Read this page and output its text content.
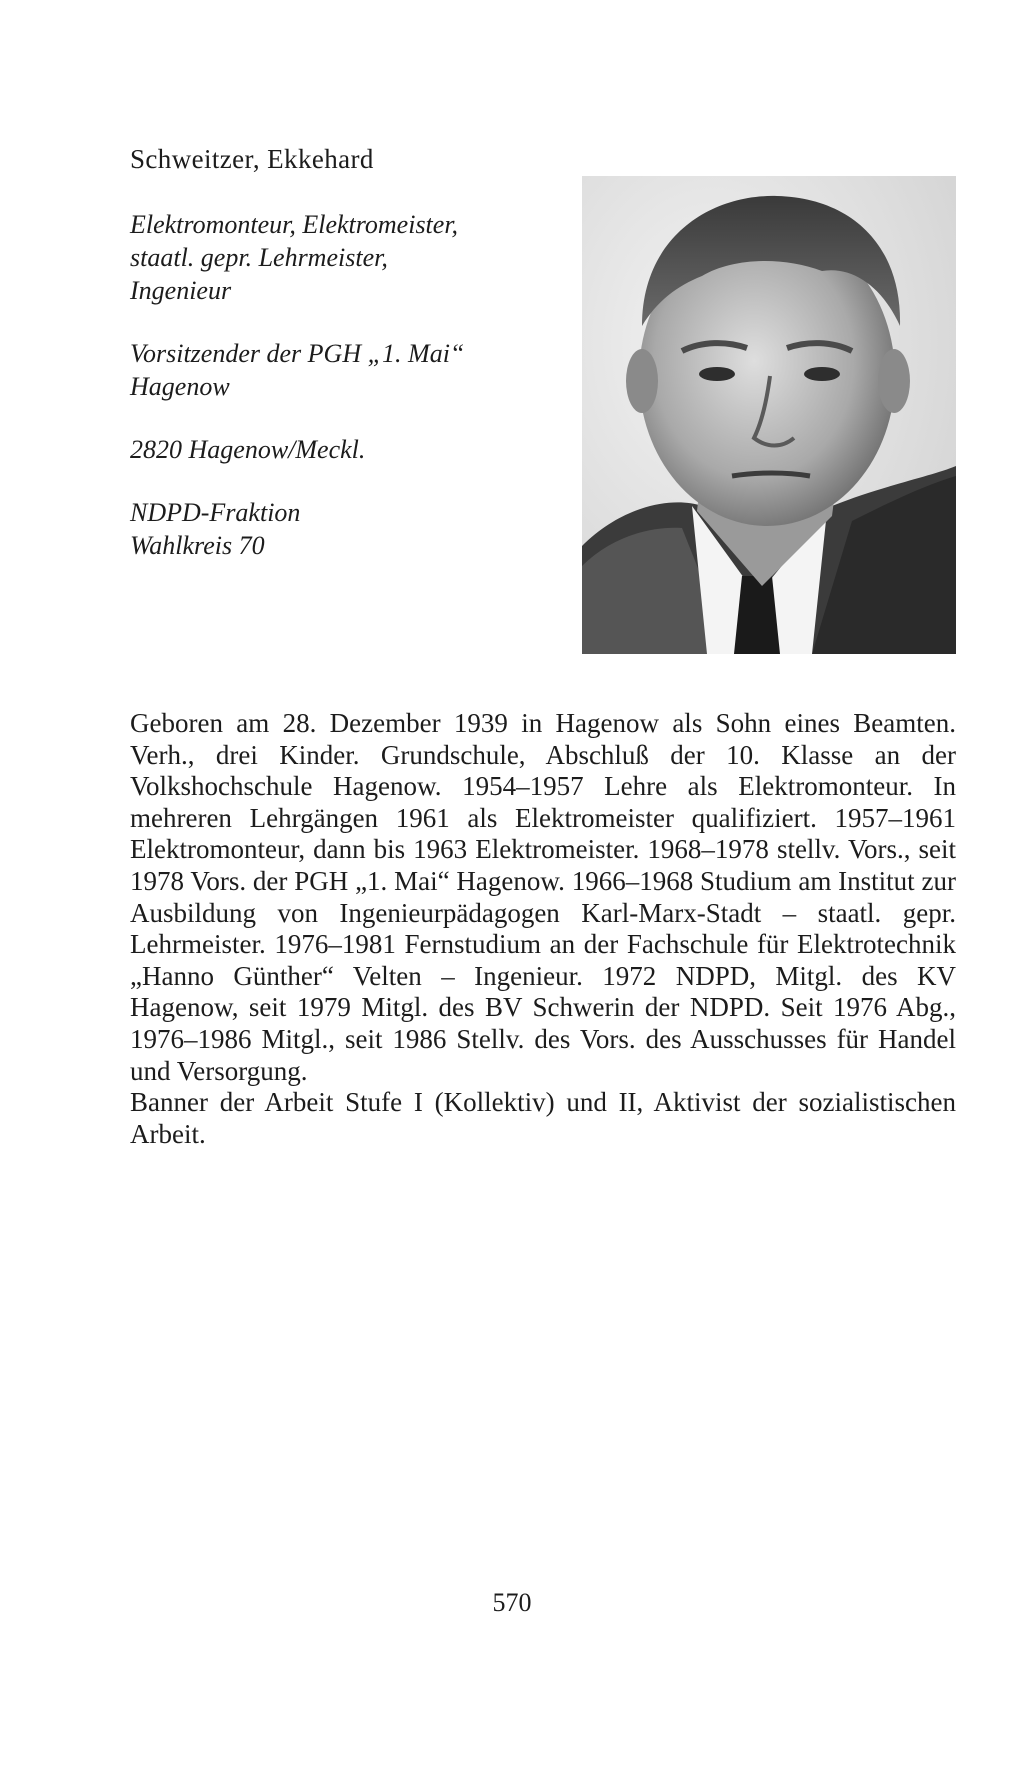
Schweitzer, Ekkehard
Elektromonteur, Elektromeister,
staatl. gepr. Lehrmeister,
Ingenieur
Vorsitzender der PGH „1. Mai“
Hagenow
2820 Hagenow/Meckl.
NDPD-Fraktion
Wahlkreis 70

Geboren am 28. Dezember 1939 in Hagenow als Sohn eines Beamten. Verh., drei Kinder. Grundschule, Abschluß der 10. Klasse an der Volkshochschule Hagenow. 1954–1957 Lehre als Elektromonteur. In mehreren Lehrgängen 1961 als Elektromeister qualifiziert. 1957–1961 Elektromonteur, dann bis 1963 Elektromeister. 1968–1978 stellv. Vors., seit 1978 Vors. der PGH „1. Mai“ Hagenow. 1966–1968 Studium am Institut zur Ausbildung von Ingenieurpädagogen Karl-Marx-Stadt – staatl. gepr. Lehrmeister. 1976–1981 Fernstudium an der Fachschule für Elektrotechnik „Hanno Günther“ Velten – Ingenieur. 1972 NDPD, Mitgl. des KV Hagenow, seit 1979 Mitgl. des BV Schwerin der NDPD. Seit 1976 Abg., 1976–1986 Mitgl., seit 1986 Stellv. des Vors. des Ausschusses für Handel und Versorgung.

Banner der Arbeit Stufe I (Kollektiv) und II, Aktivist der sozialistischen Arbeit.

570
